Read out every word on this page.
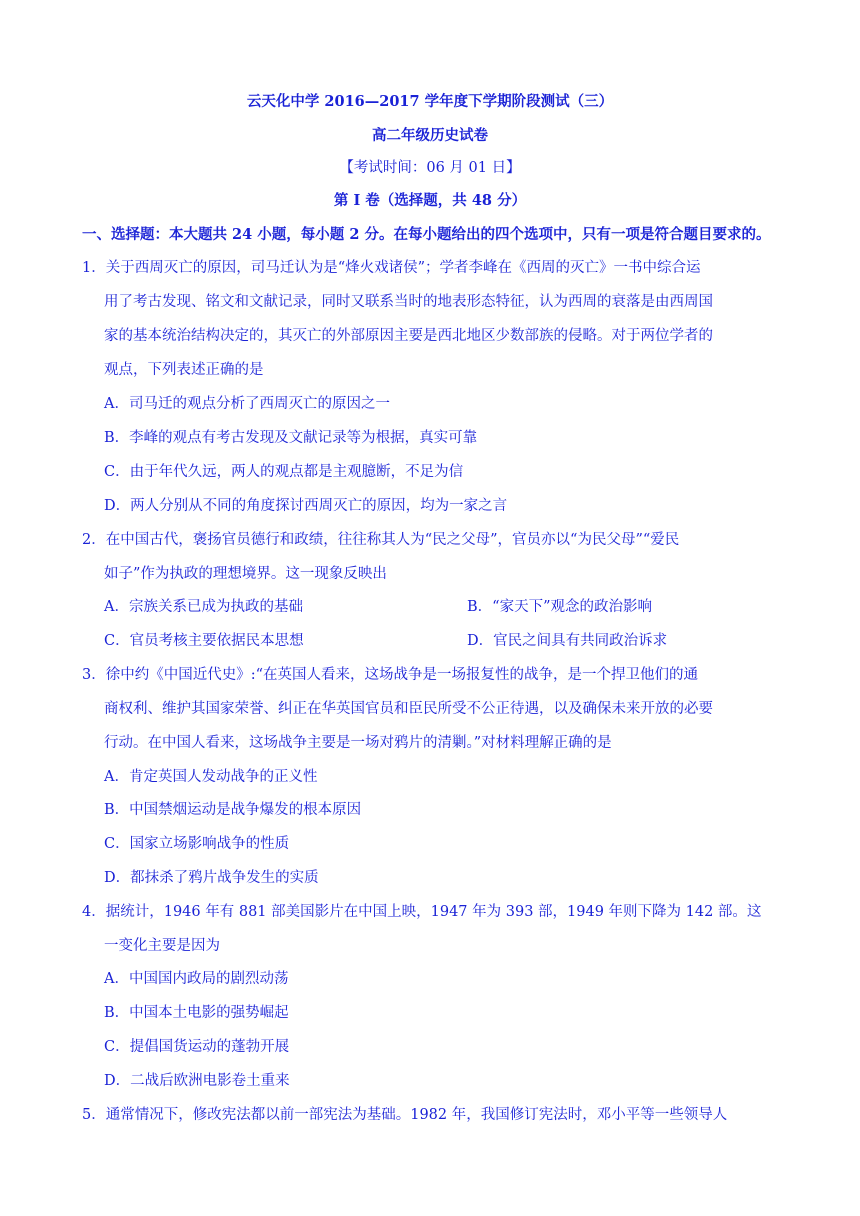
云天化中学 2016—2017 学年度下学期阶段测试（三）
高二年级历史试卷
【考试时间：06 月 01 日】
第 I 卷（选择题，共 48 分）
一、选择题：本大题共 24 小题，每小题 2 分。在每小题给出的四个选项中，只有一项是符合题目要求的。
1．关于西周灭亡的原因，司马迁认为是“烽火戏诸侯”；学者李峰在《西周的灭亡》一书中综合运
用了考古发现、铭文和文献记录，同时又联系当时的地表形态特征，认为西周的衰落是由西周国
家的基本统治结构决定的，其灭亡的外部原因主要是西北地区少数部族的侵略。对于两位学者的
观点，下列表述正确的是
A．司马迁的观点分析了西周灭亡的原因之一
B．李峰的观点有考古发现及文献记录等为根据，真实可靠
C．由于年代久远，两人的观点都是主观臆断，不足为信
D．两人分别从不同的角度探讨西周灭亡的原因，均为一家之言
2．在中国古代，褒扬官员德行和政绩，往往称其人为“民之父母”，官员亦以“为民父母”“爱民
如子”作为执政的理想境界。这一现象反映出
A．宗族关系已成为执政的基础	B．“家天下”观念的政治影响
C．官员考核主要依据民本思想	D．官民之间具有共同政治诉求
3．徐中约《中国近代史》:“在英国人看来，这场战争是一场报复性的战争，是一个捍卫他们的通
商权利、维护其国家荣誉、纠正在华英国官员和臣民所受不公正待遇，以及确保未来开放的必要
行动。在中国人看来，这场战争主要是一场对鸦片的清剿。”对材料理解正确的是
A．肯定英国人发动战争的正义性
B．中国禁烟运动是战争爆发的根本原因
C．国家立场影响战争的性质
D．都抹杀了鸦片战争发生的实质
4．据统计，1946 年有 881 部美国影片在中国上映，1947 年为 393 部，1949 年则下降为 142 部。这
一变化主要是因为
A．中国国内政局的剧烈动荡
B．中国本土电影的强势崛起
C．提倡国货运动的蓬勃开展
D．二战后欧洲电影卷土重来
5．通常情况下，修改宪法都以前一部宪法为基础。1982 年，我国修订宪法时，邓小平等一些领导人
